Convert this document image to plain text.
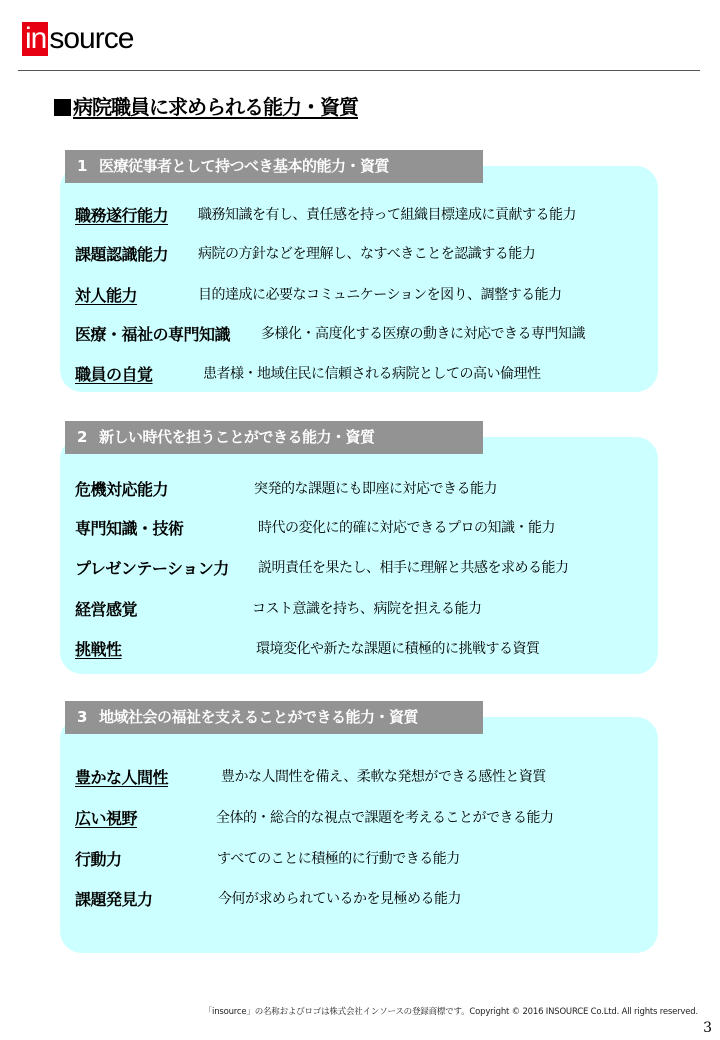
in source
病院職員に求められる能力・資質
1 医療従事者として持つべき基本的能力・資質
職務遂行能力 職務知識を有し、責任感を持って組織目標達成に貢献する能力
課題認識能力 病院の方針などを理解し、なすべきことを認識する能力
対人能力	目的達成に必要なコミュニケーションを図り、調整する能力
医療・福祉の専門知識 多様化・高度化する医療の動きに対応できる専門知識
職員の自覚	患者様・地域住民に信頼される病院としての高い倫理性
2 新しい時代を担うことができる能力・資質
危機対応能力	突発的な課題にも即座に対応できる能力
専門知識・技術	時代の変化に的確に対応できるプロの知識・能力
プレゼンテーション力 説明責任を果たし、相手に理解と共感を求める能力
経営感覚	コスト意識を持ち、病院を担える能力
挑戦性	環境変化や新たな課題に積極的に挑戦する資質
3 地域社会の福祉を支えることができる能力・資質
豊かな人間性	豊かな人間性を備え、柔軟な発想ができる感性と資質
広い視野	全体的・総合的な視点で課題を考えることができる能力
行動力	すべてのことに積極的に行動できる能力
課題発見力	今何が求められているかを見極める能力
「insource」の名称およびロゴは株式会社インソースの登録商標です。Copyright © 2016 INSOURCE Co.Ltd. All rights reserved.
3
